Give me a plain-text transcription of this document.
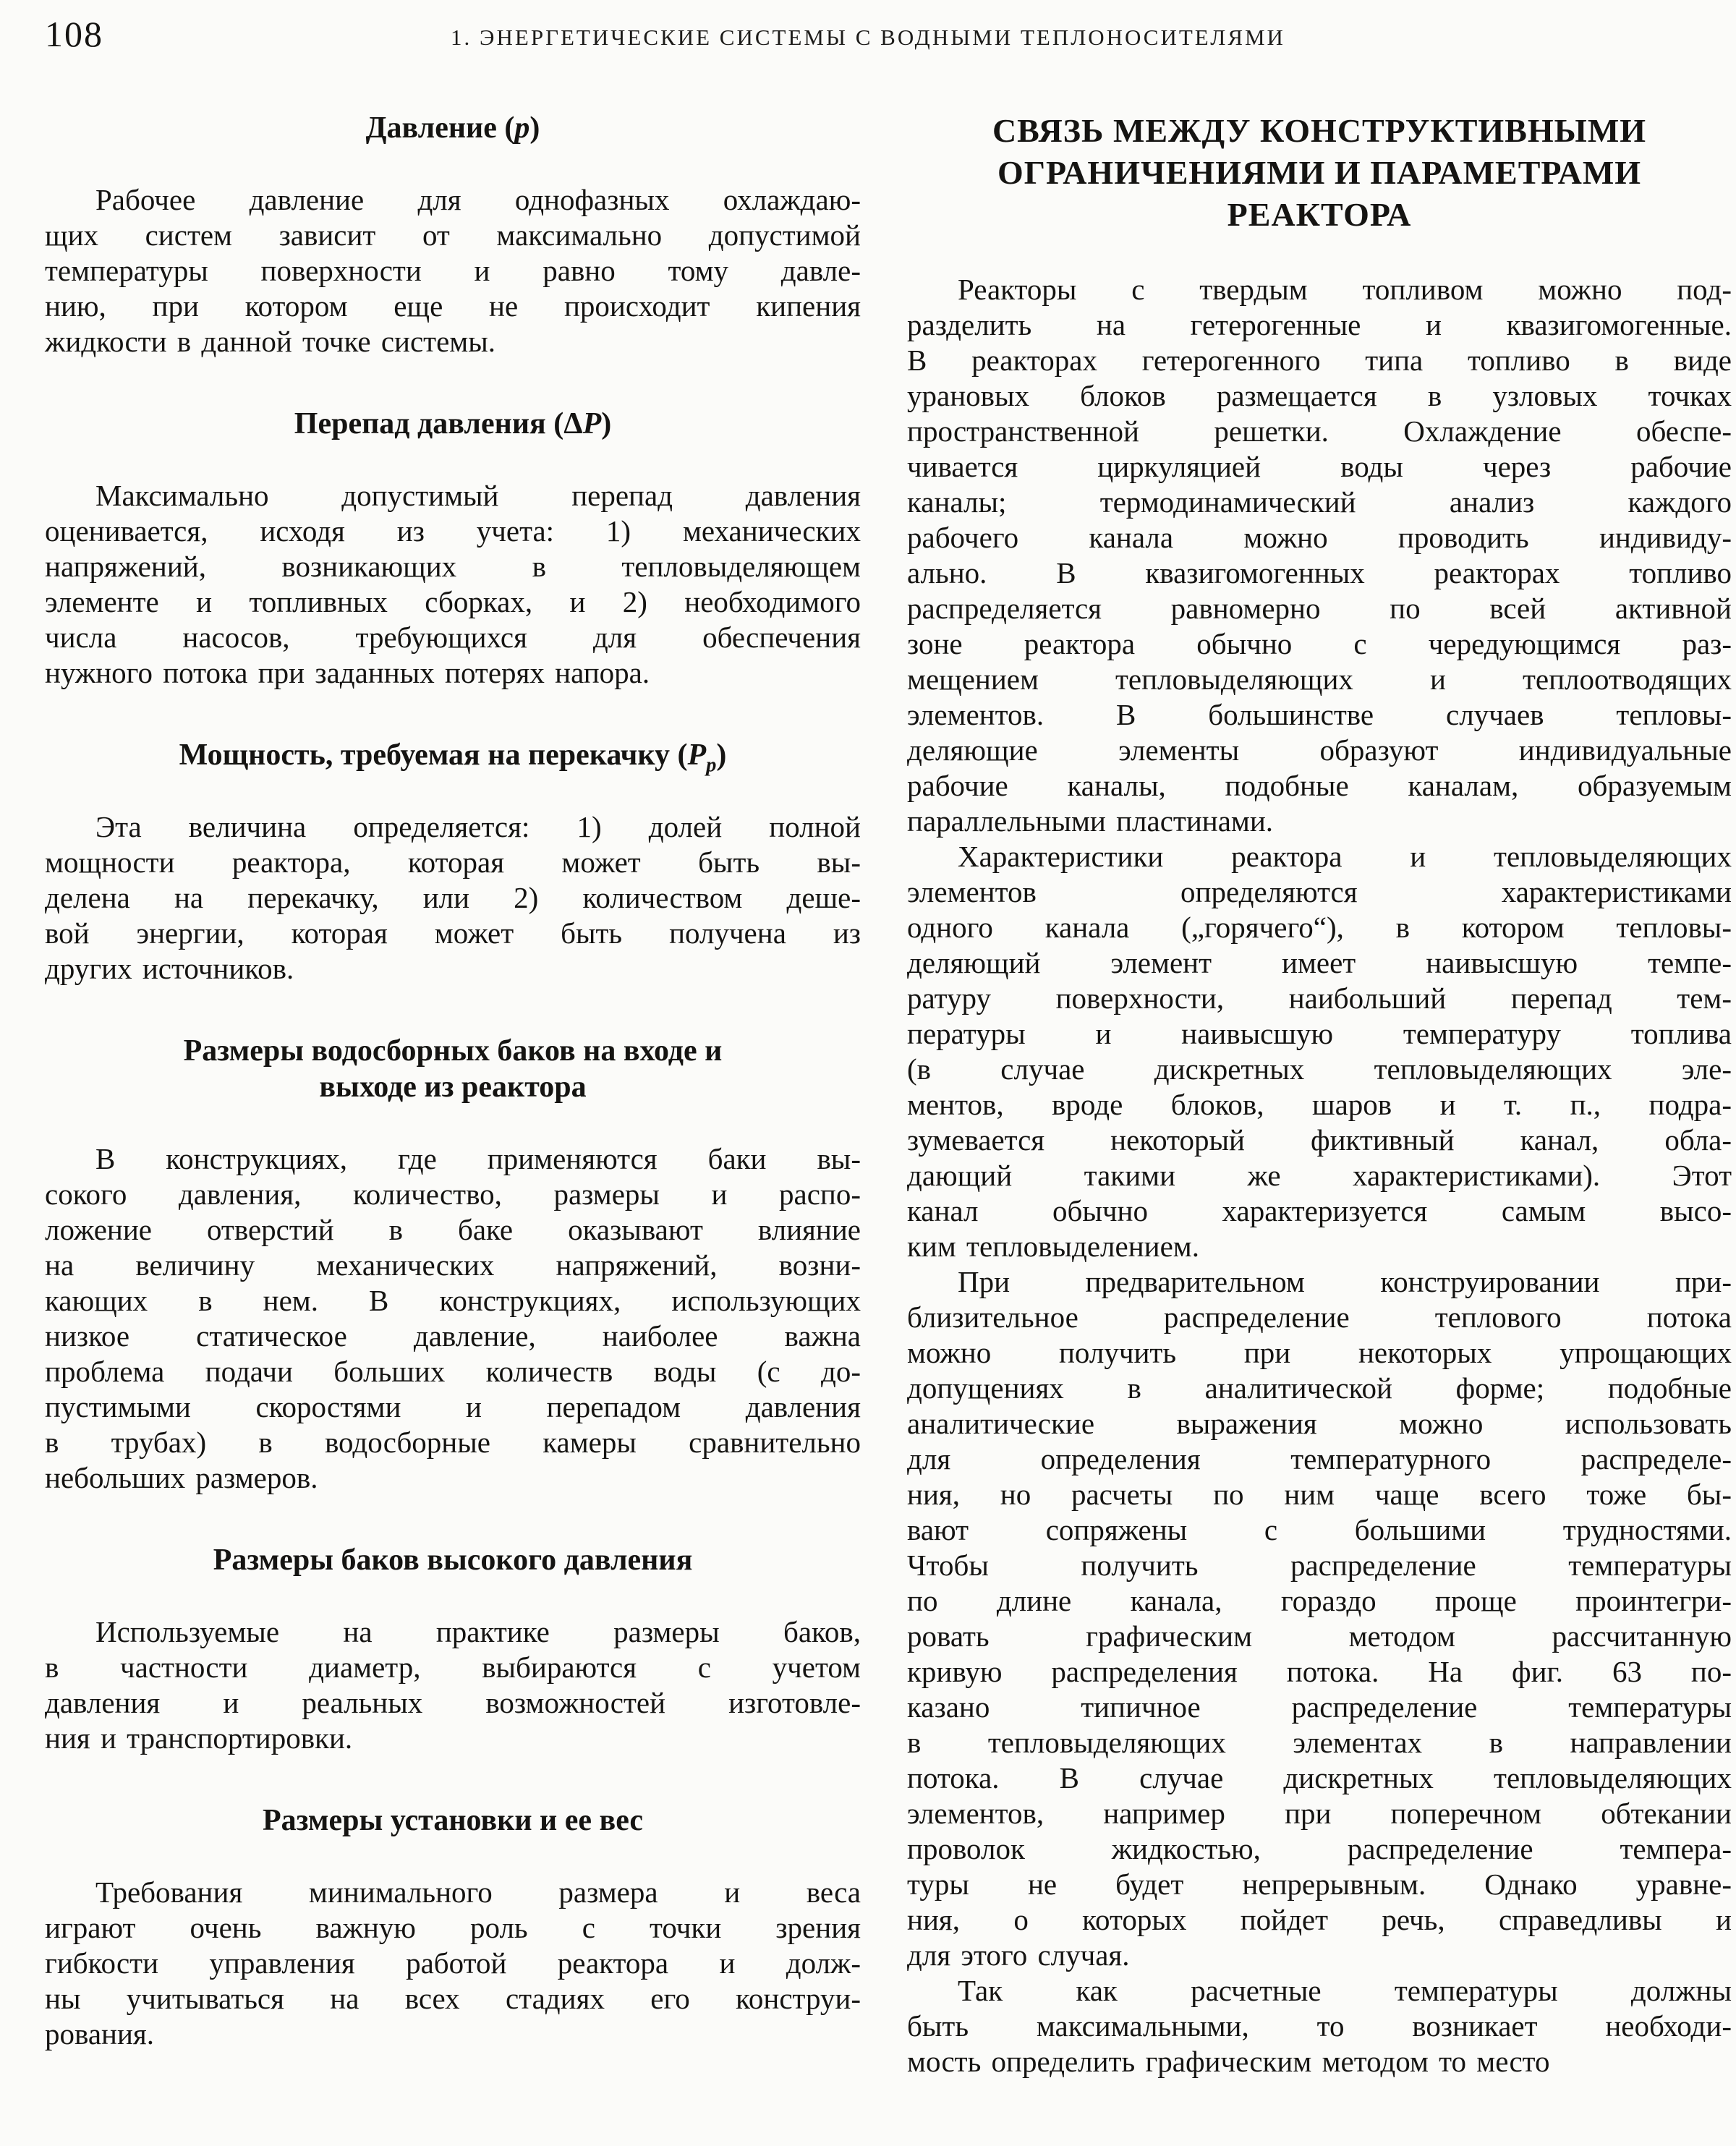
108	1. ЭНЕРГЕТИЧЕСКИЕ СИСТЕМЫ С ВОДНЫМИ ТЕПЛОНОСИТЕЛЯМИ
Давление (p)
Рабочее давление для однофазных охлаждаю-
щих систем зависит от максимально допустимой
температуры поверхности и равно тому давле-
нию, при котором еще не происходит кипения
жидкости в данной точке системы.
Перепад давления (ΔP)
Максимально допустимый перепад давления
оценивается, исходя из учета: 1) механических
напряжений, возникающих в тепловыделяющем
элементе и топливных сборках, и 2) необходимого
числа насосов, требующихся для обеспечения
нужного потока при заданных потерях напора.
Мощность, требуемая на перекачку $(P_p)$
Эта величина определяется: 1) долей полной
мощности реактора, которая может быть вы-
делена на перекачку, или 2) количеством деше-
вой энергии, которая может быть получена из
других источников.
Размеры водосборных баков на входе и
выходе из реактора
В конструкциях, где применяются баки вы-
сокого давления, количество, размеры и распо-
ложение отверстий в баке оказывают влияние
на величину механических напряжений, возни-
кающих в нем. В конструкциях, использующих
низкое статическое давление, наиболее важна
проблема подачи больших количеств воды (с до-
пустимыми скоростями и перепадом давления
в трубах) в водосборные камеры сравнительно
небольших размеров.
Размеры баков высокого давления
Используемые на практике размеры баков,
в частности диаметр, выбираются с учетом
давления и реальных возможностей изготовле-
ния и транспортировки.
Размеры установки и ее вес
Требования минимального размера и веса
играют очень важную роль с точки зрения
гибкости управления работой реактора и долж-
ны учитываться на всех стадиях его конструи-
рования.
СВЯЗЬ МЕЖДУ КОНСТРУКТИВНЫМИ
ОГРАНИЧЕНИЯМИ И ПАРАМЕТРАМИ
РЕАКТОРА
Реакторы с твердым топливом можно под-
разделить на гетерогенные и квазигомогенные.
В реакторах гетерогенного типа топливо в виде
урановых блоков размещается в узловых точках
пространственной решетки. Охлаждение обеспе-
чивается циркуляцией воды через рабочие
каналы; термодинамический анализ каждого
рабочего канала можно проводить индивиду-
ально. В квазигомогенных реакторах топливо
распределяется равномерно по всей активной
зоне реактора обычно с чередующимся раз-
мещением тепловыделяющих и теплоотводящих
элементов. В большинстве случаев тепловы-
деляющие элементы образуют индивидуальные
рабочие каналы, подобные каналам, образуемым
параллельными пластинами.
Характеристики реактора и тепловыделяющих
элементов определяются характеристиками
одного канала („горячего“), в котором тепловы-
деляющий элемент имеет наивысшую темпе-
ратуру поверхности, наибольший перепад тем-
пературы и наивысшую температуру топлива
(в случае дискретных тепловыделяющих эле-
ментов, вроде блоков, шаров и т. п., подра-
зумевается некоторый фиктивный канал, обла-
дающий такими же характеристиками). Этот
канал обычно характеризуется самым высо-
ким тепловыделением.
При предварительном конструировании при-
близительное распределение теплового потока
можно получить при некоторых упрощающих
допущениях в аналитической форме; подобные
аналитические выражения можно использовать
для определения температурного распределе-
ния, но расчеты по ним чаще всего тоже бы-
вают сопряжены с большими трудностями.
Чтобы получить распределение температуры
по длине канала, гораздо проще проинтегри-
ровать графическим методом рассчитанную
кривую распределения потока. На фиг. 63 по-
казано типичное распределение температуры
в тепловыделяющих элементах в направлении
потока. В случае дискретных тепловыделяющих
элементов, например при поперечном обтекании
проволок жидкостью, распределение темпера-
туры не будет непрерывным. Однако уравне-
ния, о которых пойдет речь, справедливы и
для этого случая.
Так как расчетные температуры должны
быть максимальными, то возникает необходи-
мость определить графическим методом то место
